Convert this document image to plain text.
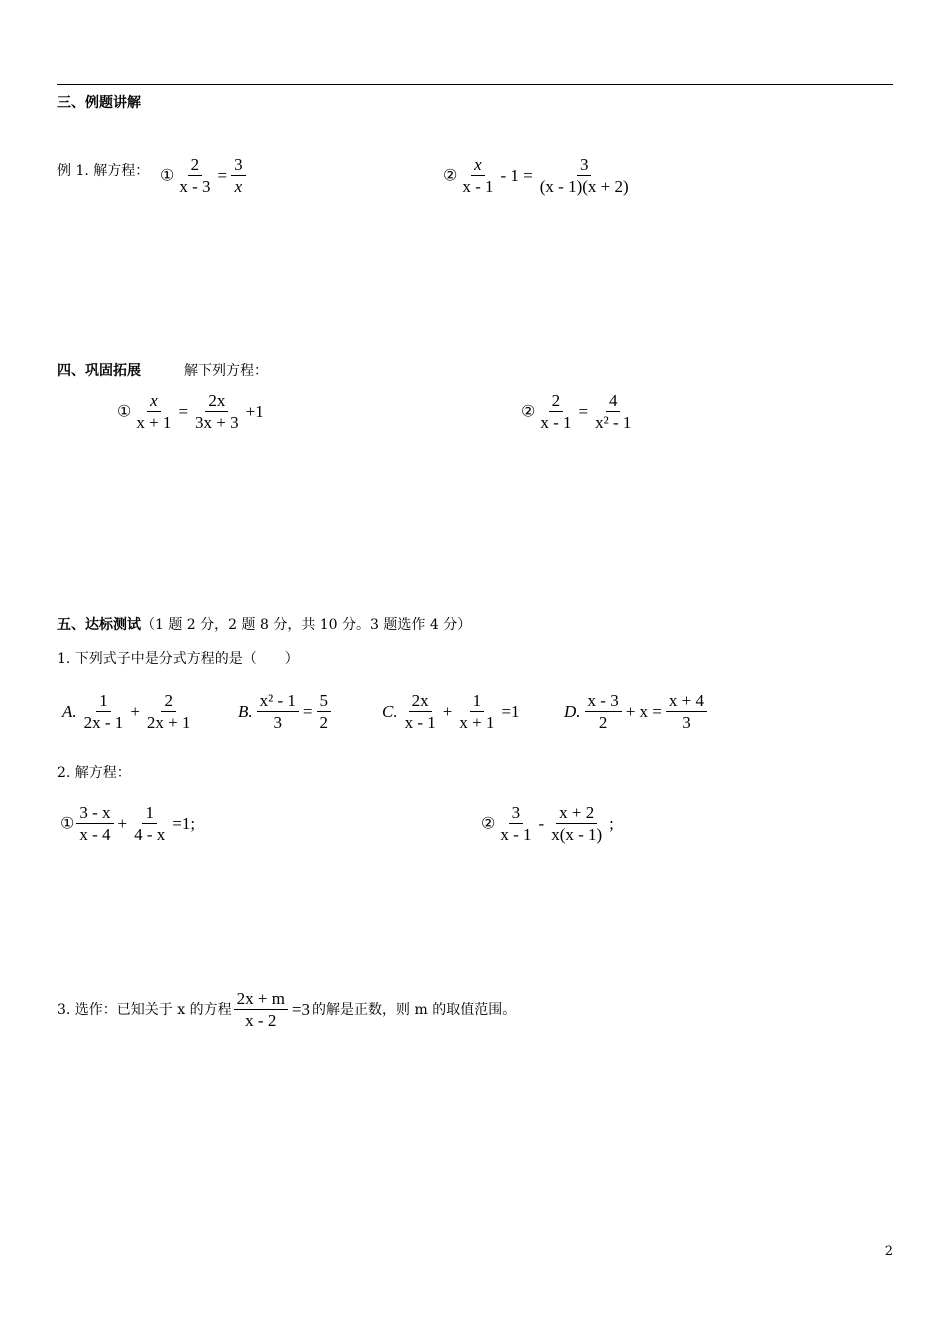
三、例题讲解
例 1. 解方程： ① $\frac{2}{x - 3} = \frac{3}{x}$	② $\frac{x}{x - 1} - 1 = \frac{3}{(x - 1)(x + 2)}$
四、巩固拓展	解下列方程：
① $\frac{x}{x + 1} = \frac{2x}{3x + 3} +1$	② $\frac{2}{x - 1} = \frac{4}{\text{x² - 1}}$
五、达标测试（1 题 2 分，2 题 8 分，共 10 分。3 题选作 4 分）
1. 下列式子中是分式方程的是（　　）
A. $\frac{1}{2x - 1} + \frac{2}{2x + 1}$	B. $\frac{\text{x² - 1}}{3} = \frac{5}{2}$	C. $\frac{2x}{x - 1} + \frac{1}{x + 1} =1$	D. $\frac{x - 3}{2} + x = \frac{x + 4}{3}$
2. 解方程：
① $\frac{3 - x}{x - 4} + \frac{1}{4 - x} =1$;	② $\frac{3}{x - 1} - \frac{x + 2}{x(x - 1)}$ ;
3. 选作：已知关于 x 的方程 $\frac{2x + m}{x - 2} =3$ 的解是正数，则 m 的取值范围。
2
